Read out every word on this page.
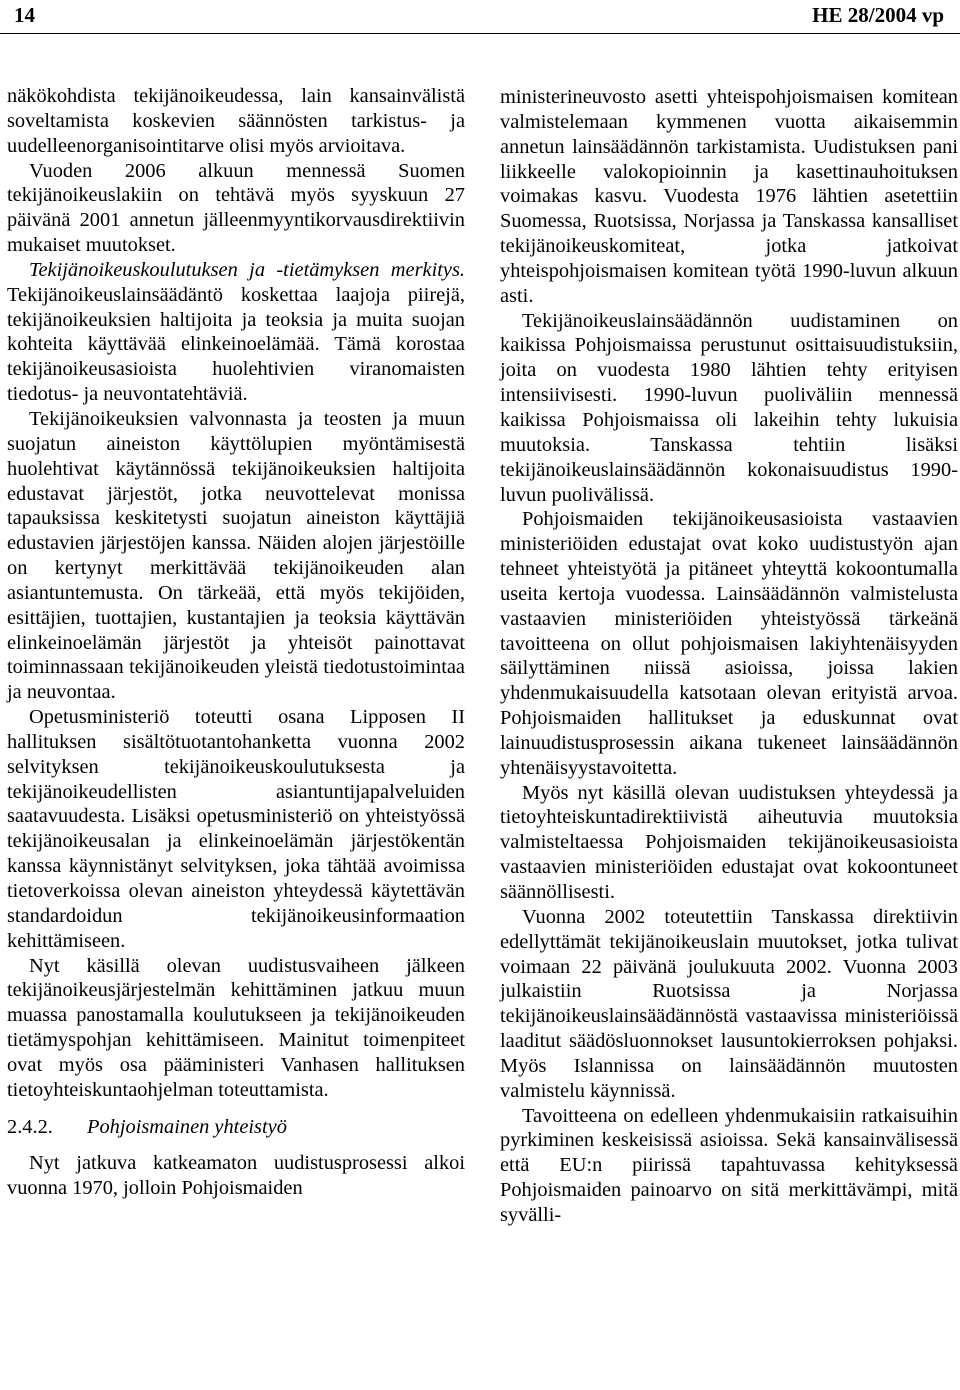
14	HE 28/2004 vp

näkökohdista tekijänoikeudessa, lain kansainvälistä soveltamista koskevien säännösten tarkistus- ja uudelleenorganisointitarve olisi myös arvioitava.

Vuoden 2006 alkuun mennessä Suomen tekijänoikeuslakiin on tehtävä myös syyskuun 27 päivänä 2001 annetun jälleenmyyntikorvausdirektiivin mukaiset muutokset.

Tekijänoikeuskoulutuksen ja -tietämyksen merkitys. Tekijänoikeuslainsäädäntö koskettaa laajoja piirejä, tekijänoikeuksien haltijoita ja teoksia ja muita suojan kohteita käyttävää elinkeinoelämää. Tämä korostaa tekijänoikeusasioista huolehtivien viranomaisten tiedotus- ja neuvontatehtäviä.

Tekijänoikeuksien valvonnasta ja teosten ja muun suojatun aineiston käyttölupien myöntämisestä huolehtivat käytännössä tekijänoikeuksien haltijoita edustavat järjestöt, jotka neuvottelevat monissa tapauksissa keskitetysti suojatun aineiston käyttäjiä edustavien järjestöjen kanssa. Näiden alojen järjestöille on kertynyt merkittävää tekijänoikeuden alan asiantuntemusta. On tärkeää, että myös tekijöiden, esittäjien, tuottajien, kustantajien ja teoksia käyttävän elinkeinoelämän järjestöt ja yhteisöt painottavat toiminnassaan tekijänoikeuden yleistä tiedotustoimintaa ja neuvontaa.

Opetusministeriö toteutti osana Lipposen II hallituksen sisältötuotantohanketta vuonna 2002 selvityksen tekijänoikeuskoulutuksesta ja tekijänoikeudellisten asiantuntijapalveluiden saatavuudesta. Lisäksi opetusministeriö on yhteistyössä tekijänoikeusalan ja elinkeinoelämän järjestökentän kanssa käynnistänyt selvityksen, joka tähtää avoimissa tietoverkoissa olevan aineiston yhteydessä käytettävän standardoidun tekijänoikeusinformaation kehittämiseen.

Nyt käsillä olevan uudistusvaiheen jälkeen tekijänoikeusjärjestelmän kehittäminen jatkuu muun muassa panostamalla koulutukseen ja tekijänoikeuden tietämyspohjan kehittämiseen. Mainitut toimenpiteet ovat myös osa pääministeri Vanhasen hallituksen tietoyhteiskuntaohjelman toteuttamista.

2.4.2. Pohjoismainen yhteistyö

Nyt jatkuva katkeamaton uudistusprosessi alkoi vuonna 1970, jolloin Pohjoismaiden

ministerineuvosto asetti yhteispohjoismaisen komitean valmistelemaan kymmenen vuotta aikaisemmin annetun lainsäädännön tarkistamista. Uudistuksen pani liikkeelle valokopioinnin ja kasettinauhoituksen voimakas kasvu. Vuodesta 1976 lähtien asetettiin Suomessa, Ruotsissa, Norjassa ja Tanskassa kansalliset tekijänoikeuskomiteat, jotka jatkoivat yhteispohjoismaisen komitean työtä 1990-luvun alkuun asti.

Tekijänoikeuslainsäädännön uudistaminen on kaikissa Pohjoismaissa perustunut osittaisuudistuksiin, joita on vuodesta 1980 lähtien tehty erityisen intensiivisesti. 1990-luvun puoliväliin mennessä kaikissa Pohjoismaissa oli lakeihin tehty lukuisia muutoksia. Tanskassa tehtiin lisäksi tekijänoikeuslainsäädännön kokonaisuudistus 1990-luvun puolivälissä.

Pohjoismaiden tekijänoikeusasioista vastaavien ministeriöiden edustajat ovat koko uudistustyön ajan tehneet yhteistyötä ja pitäneet yhteyttä kokoontumalla useita kertoja vuodessa. Lainsäädännön valmistelusta vastaavien ministeriöiden yhteistyössä tärkeänä tavoitteena on ollut pohjoismaisen lakiyhtenäisyyden säilyttäminen niissä asioissa, joissa lakien yhdenmukaisuudella katsotaan olevan erityistä arvoa. Pohjoismaiden hallitukset ja eduskunnat ovat lainuudistusprosessin aikana tukeneet lainsäädännön yhtenäisyystavoitetta.

Myös nyt käsillä olevan uudistuksen yhteydessä ja tietoyhteiskuntadirektiivistä aiheutuvia muutoksia valmisteltaessa Pohjoismaiden tekijänoikeusasioista vastaavien ministeriöiden edustajat ovat kokoontuneet säännöllisesti.

Vuonna 2002 toteutettiin Tanskassa direktiivin edellyttämät tekijänoikeuslain muutokset, jotka tulivat voimaan 22 päivänä joulukuuta 2002. Vuonna 2003 julkaistiin Ruotsissa ja Norjassa tekijänoikeuslainsäädännöstä vastaavissa ministeriöissä laaditut säädösluonnokset lausuntokierroksen pohjaksi. Myös Islannissa on lainsäädännön muutosten valmistelu käynnissä.

Tavoitteena on edelleen yhdenmukaisiin ratkaisuihin pyrkiminen keskeisissä asioissa. Sekä kansainvälisessä että EU:n piirissä tapahtuvassa kehityksessä Pohjoismaiden painoarvo on sitä merkittävämpi, mitä syvälli-
